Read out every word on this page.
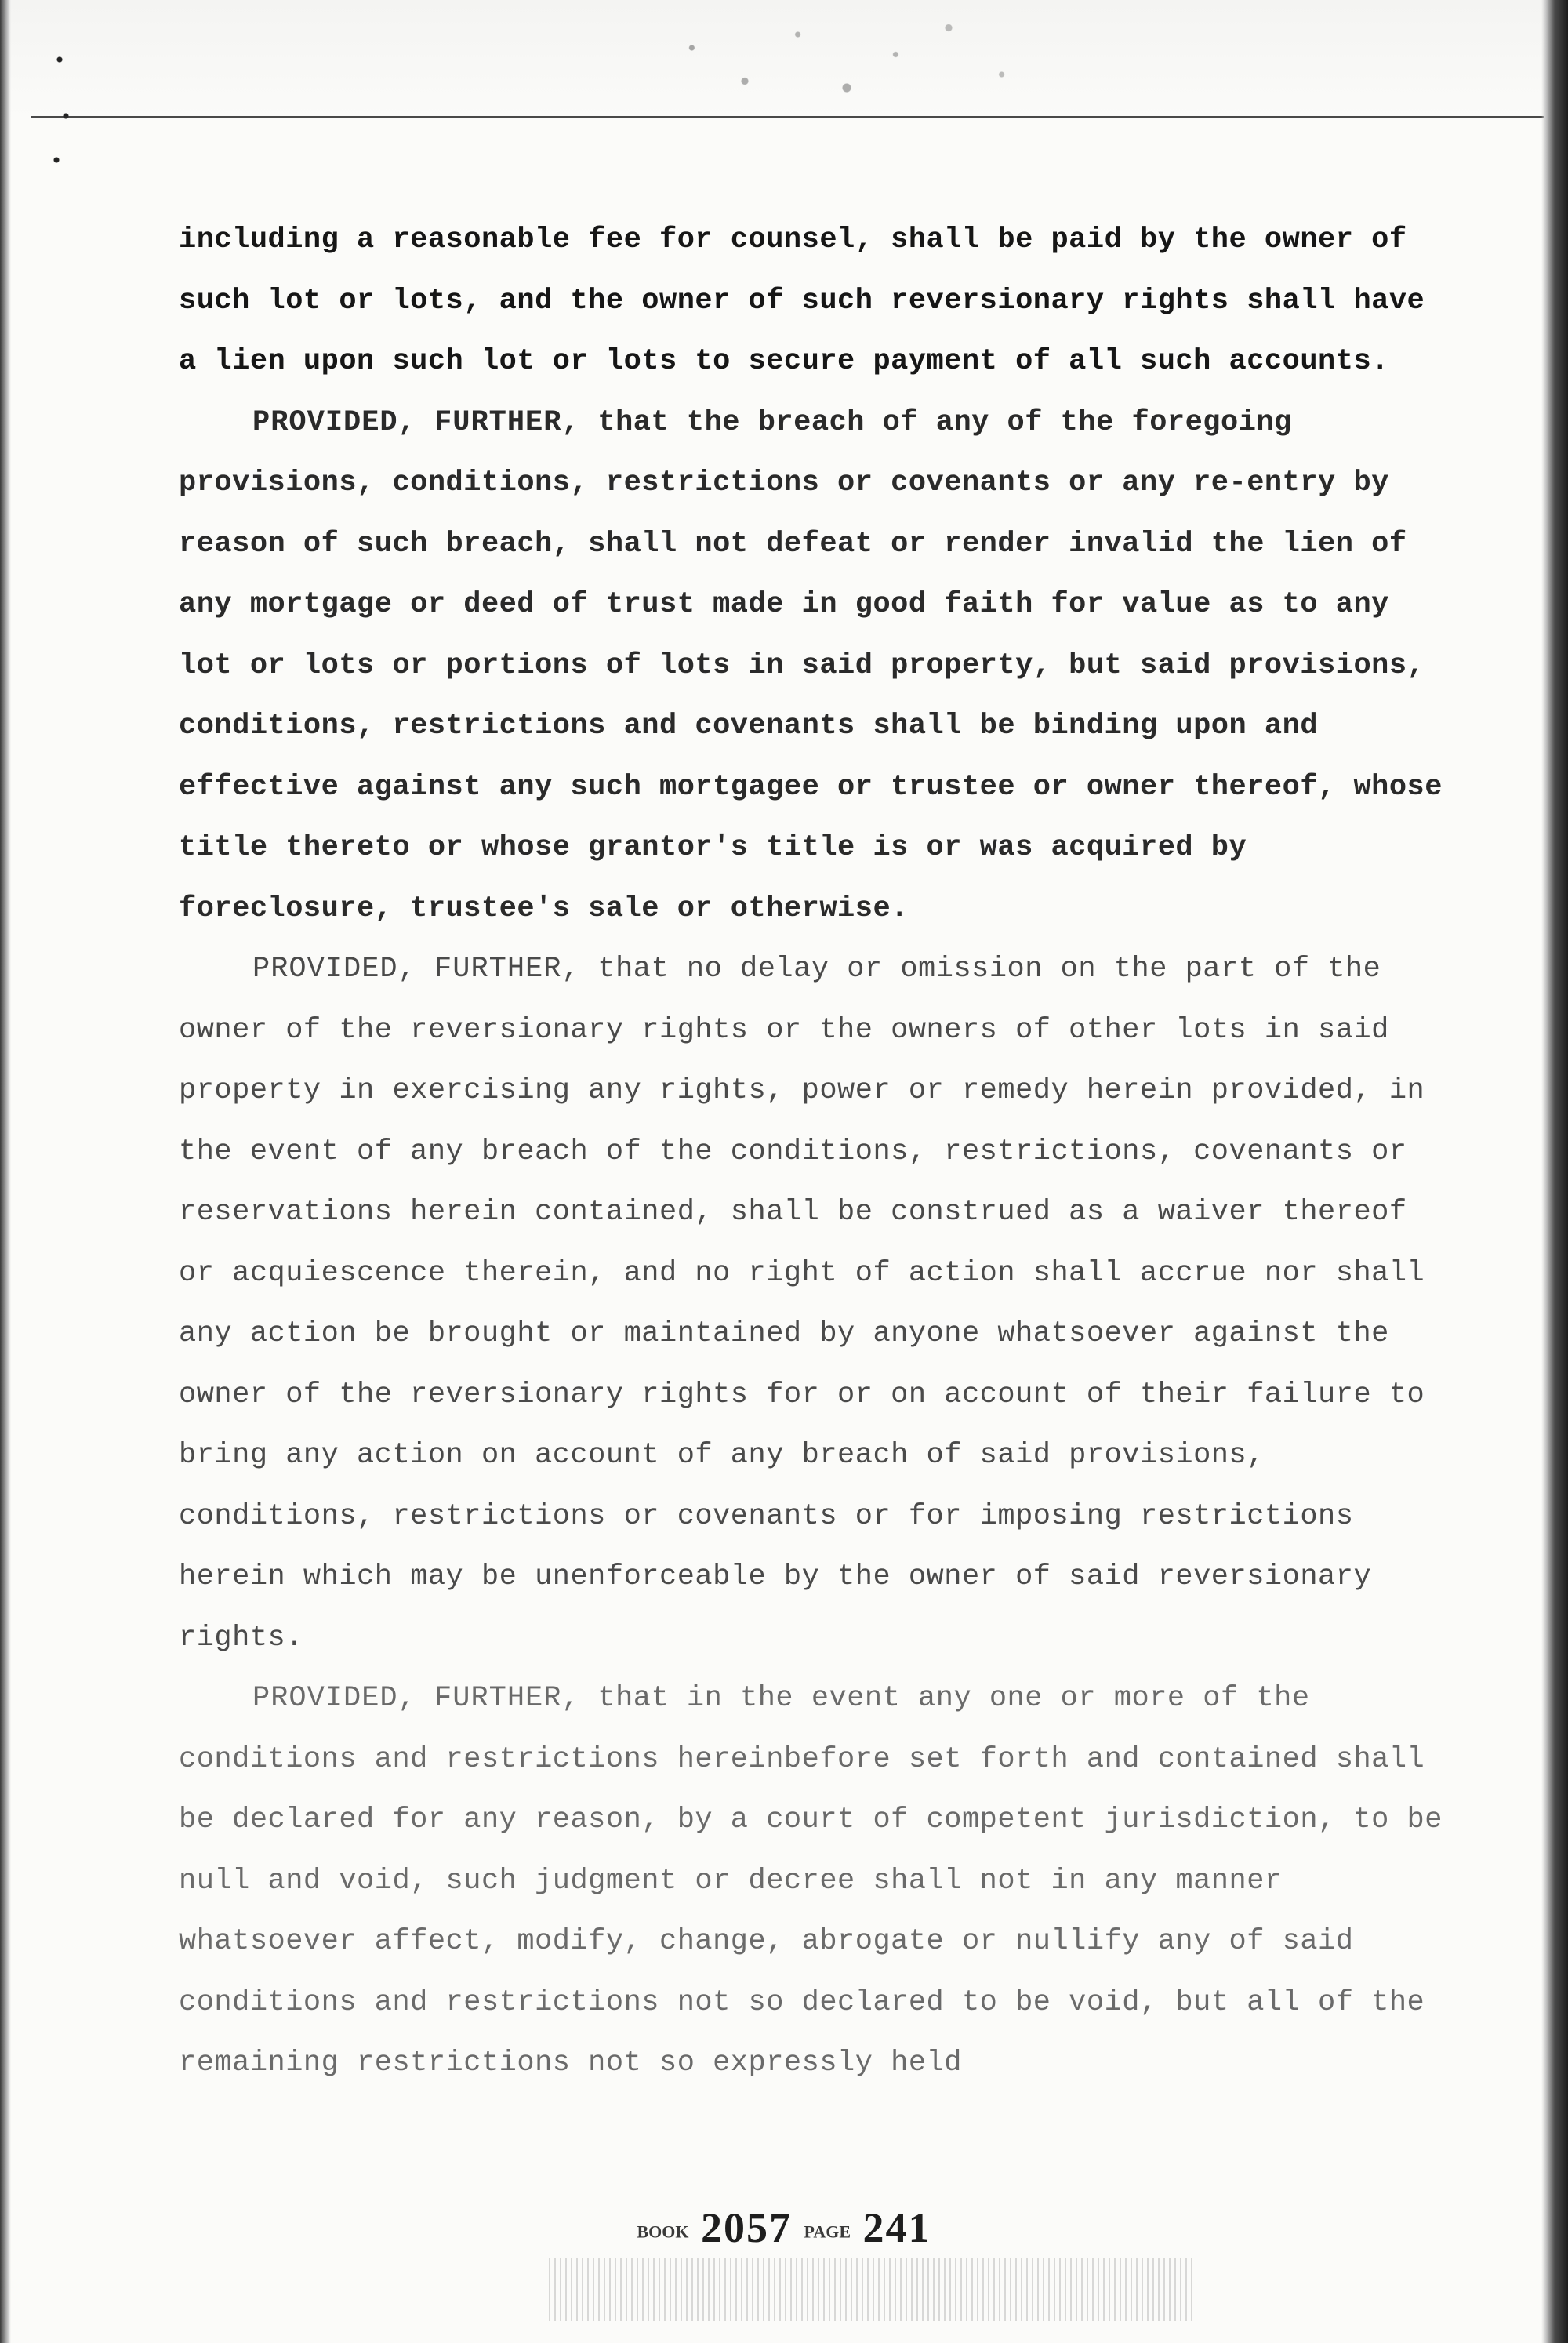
including a reasonable fee for counsel, shall be paid by the owner of such lot or lots, and the owner of such reversionary rights shall have a lien upon such lot or lots to secure payment of all such accounts.

PROVIDED, FURTHER, that the breach of any of the foregoing provisions, conditions, restrictions or covenants or any re-entry by reason of such breach, shall not defeat or render invalid the lien of any mortgage or deed of trust made in good faith for value as to any lot or lots or portions of lots in said property, but said provisions, conditions, restrictions and covenants shall be binding upon and effective against any such mortgagee or trustee or owner thereof, whose title thereto or whose grantor's title is or was acquired by foreclosure, trustee's sale or otherwise.

PROVIDED, FURTHER, that no delay or omission on the part of the owner of the reversionary rights or the owners of other lots in said property in exercising any rights, power or remedy herein provided, in the event of any breach of the conditions, restrictions, covenants or reservations herein contained, shall be construed as a waiver thereof or acquiescence therein, and no right of action shall accrue nor shall any action be brought or maintained by anyone whatsoever against the owner of the reversionary rights for or on account of their failure to bring any action on account of any breach of said provisions, conditions, restrictions or covenants or for imposing restrictions herein which may be unenforceable by the owner of said reversionary rights.

PROVIDED, FURTHER, that in the event any one or more of the conditions and restrictions hereinbefore set forth and contained shall be declared for any reason, by a court of competent jurisdiction, to be null and void, such judgment or decree shall not in any manner whatsoever affect, modify, change, abrogate or nullify any of said conditions and restrictions not so declared to be void, but all of the remaining restrictions not so expressly held

BOOK 2057 PAGE 241
